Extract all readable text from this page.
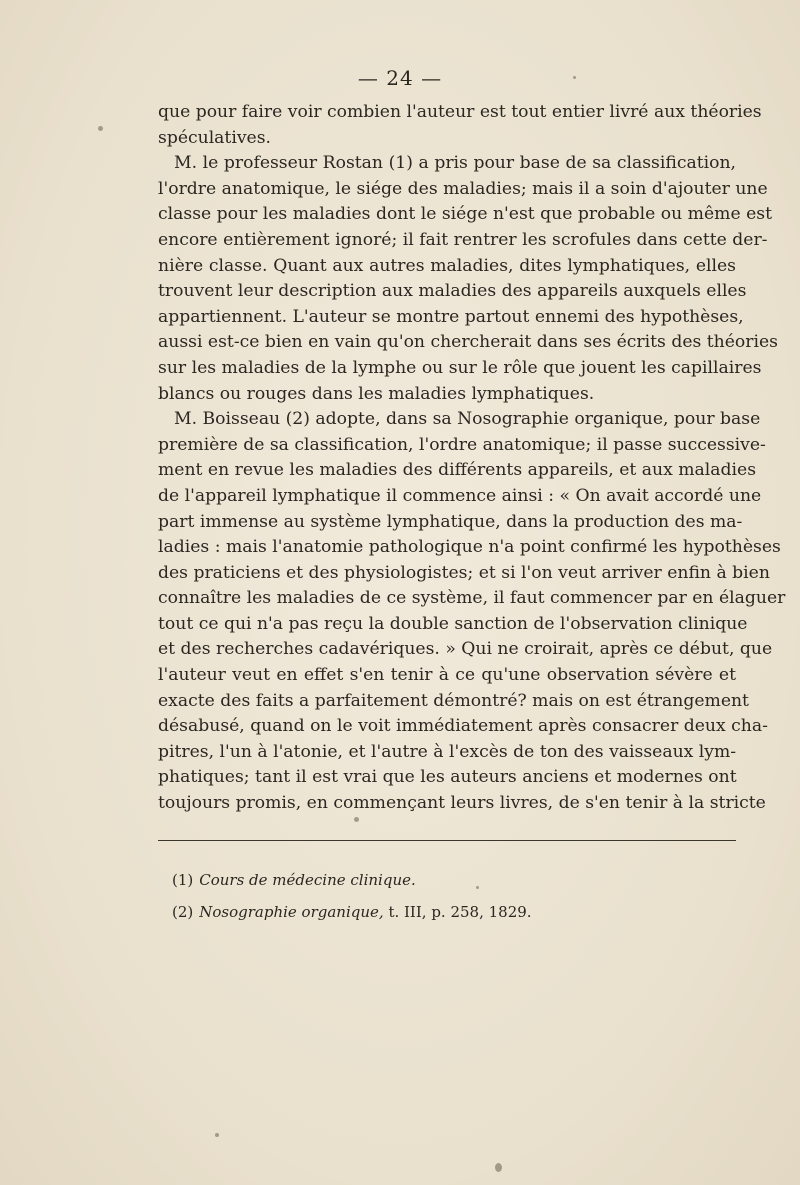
— 24 —
que pour faire voir combien l'auteur est tout entier livré aux théories
spéculatives.
M. le professeur Rostan (1) a pris pour base de sa classification,
l'ordre anatomique, le siége des maladies; mais il a soin d'ajouter une
classe pour les maladies dont le siége n'est que probable ou même est
encore entièrement ignoré; il fait rentrer les scrofules dans cette der-
nière classe. Quant aux autres maladies, dites lymphatiques, elles
trouvent leur description aux maladies des appareils auxquels elles
appartiennent. L'auteur se montre partout ennemi des hypothèses,
aussi est-ce bien en vain qu'on chercherait dans ses écrits des théories
sur les maladies de la lymphe ou sur le rôle que jouent les capillaires
blancs ou rouges dans les maladies lymphatiques.
M. Boisseau (2) adopte, dans sa Nosographie organique, pour base
première de sa classification, l'ordre anatomique; il passe successive-
ment en revue les maladies des différents appareils, et aux maladies
de l'appareil lymphatique il commence ainsi : « On avait accordé une
part immense au système lymphatique, dans la production des ma-
ladies : mais l'anatomie pathologique n'a point confirmé les hypothèses
des praticiens et des physiologistes; et si l'on veut arriver enfin à bien
connaître les maladies de ce système, il faut commencer par en élaguer
tout ce qui n'a pas reçu la double sanction de l'observation clinique
et des recherches cadavériques. » Qui ne croirait, après ce début, que
l'auteur veut en effet s'en tenir à ce qu'une observation sévère et
exacte des faits a parfaitement démontré? mais on est étrangement
désabusé, quand on le voit immédiatement après consacrer deux cha-
pitres, l'un à l'atonie, et l'autre à l'excès de ton des vaisseaux lym-
phatiques; tant il est vrai que les auteurs anciens et modernes ont
toujours promis, en commençant leurs livres, de s'en tenir à la stricte
(1) Cours de médecine clinique.
(2) Nosographie organique, t. III, p. 258, 1829.
